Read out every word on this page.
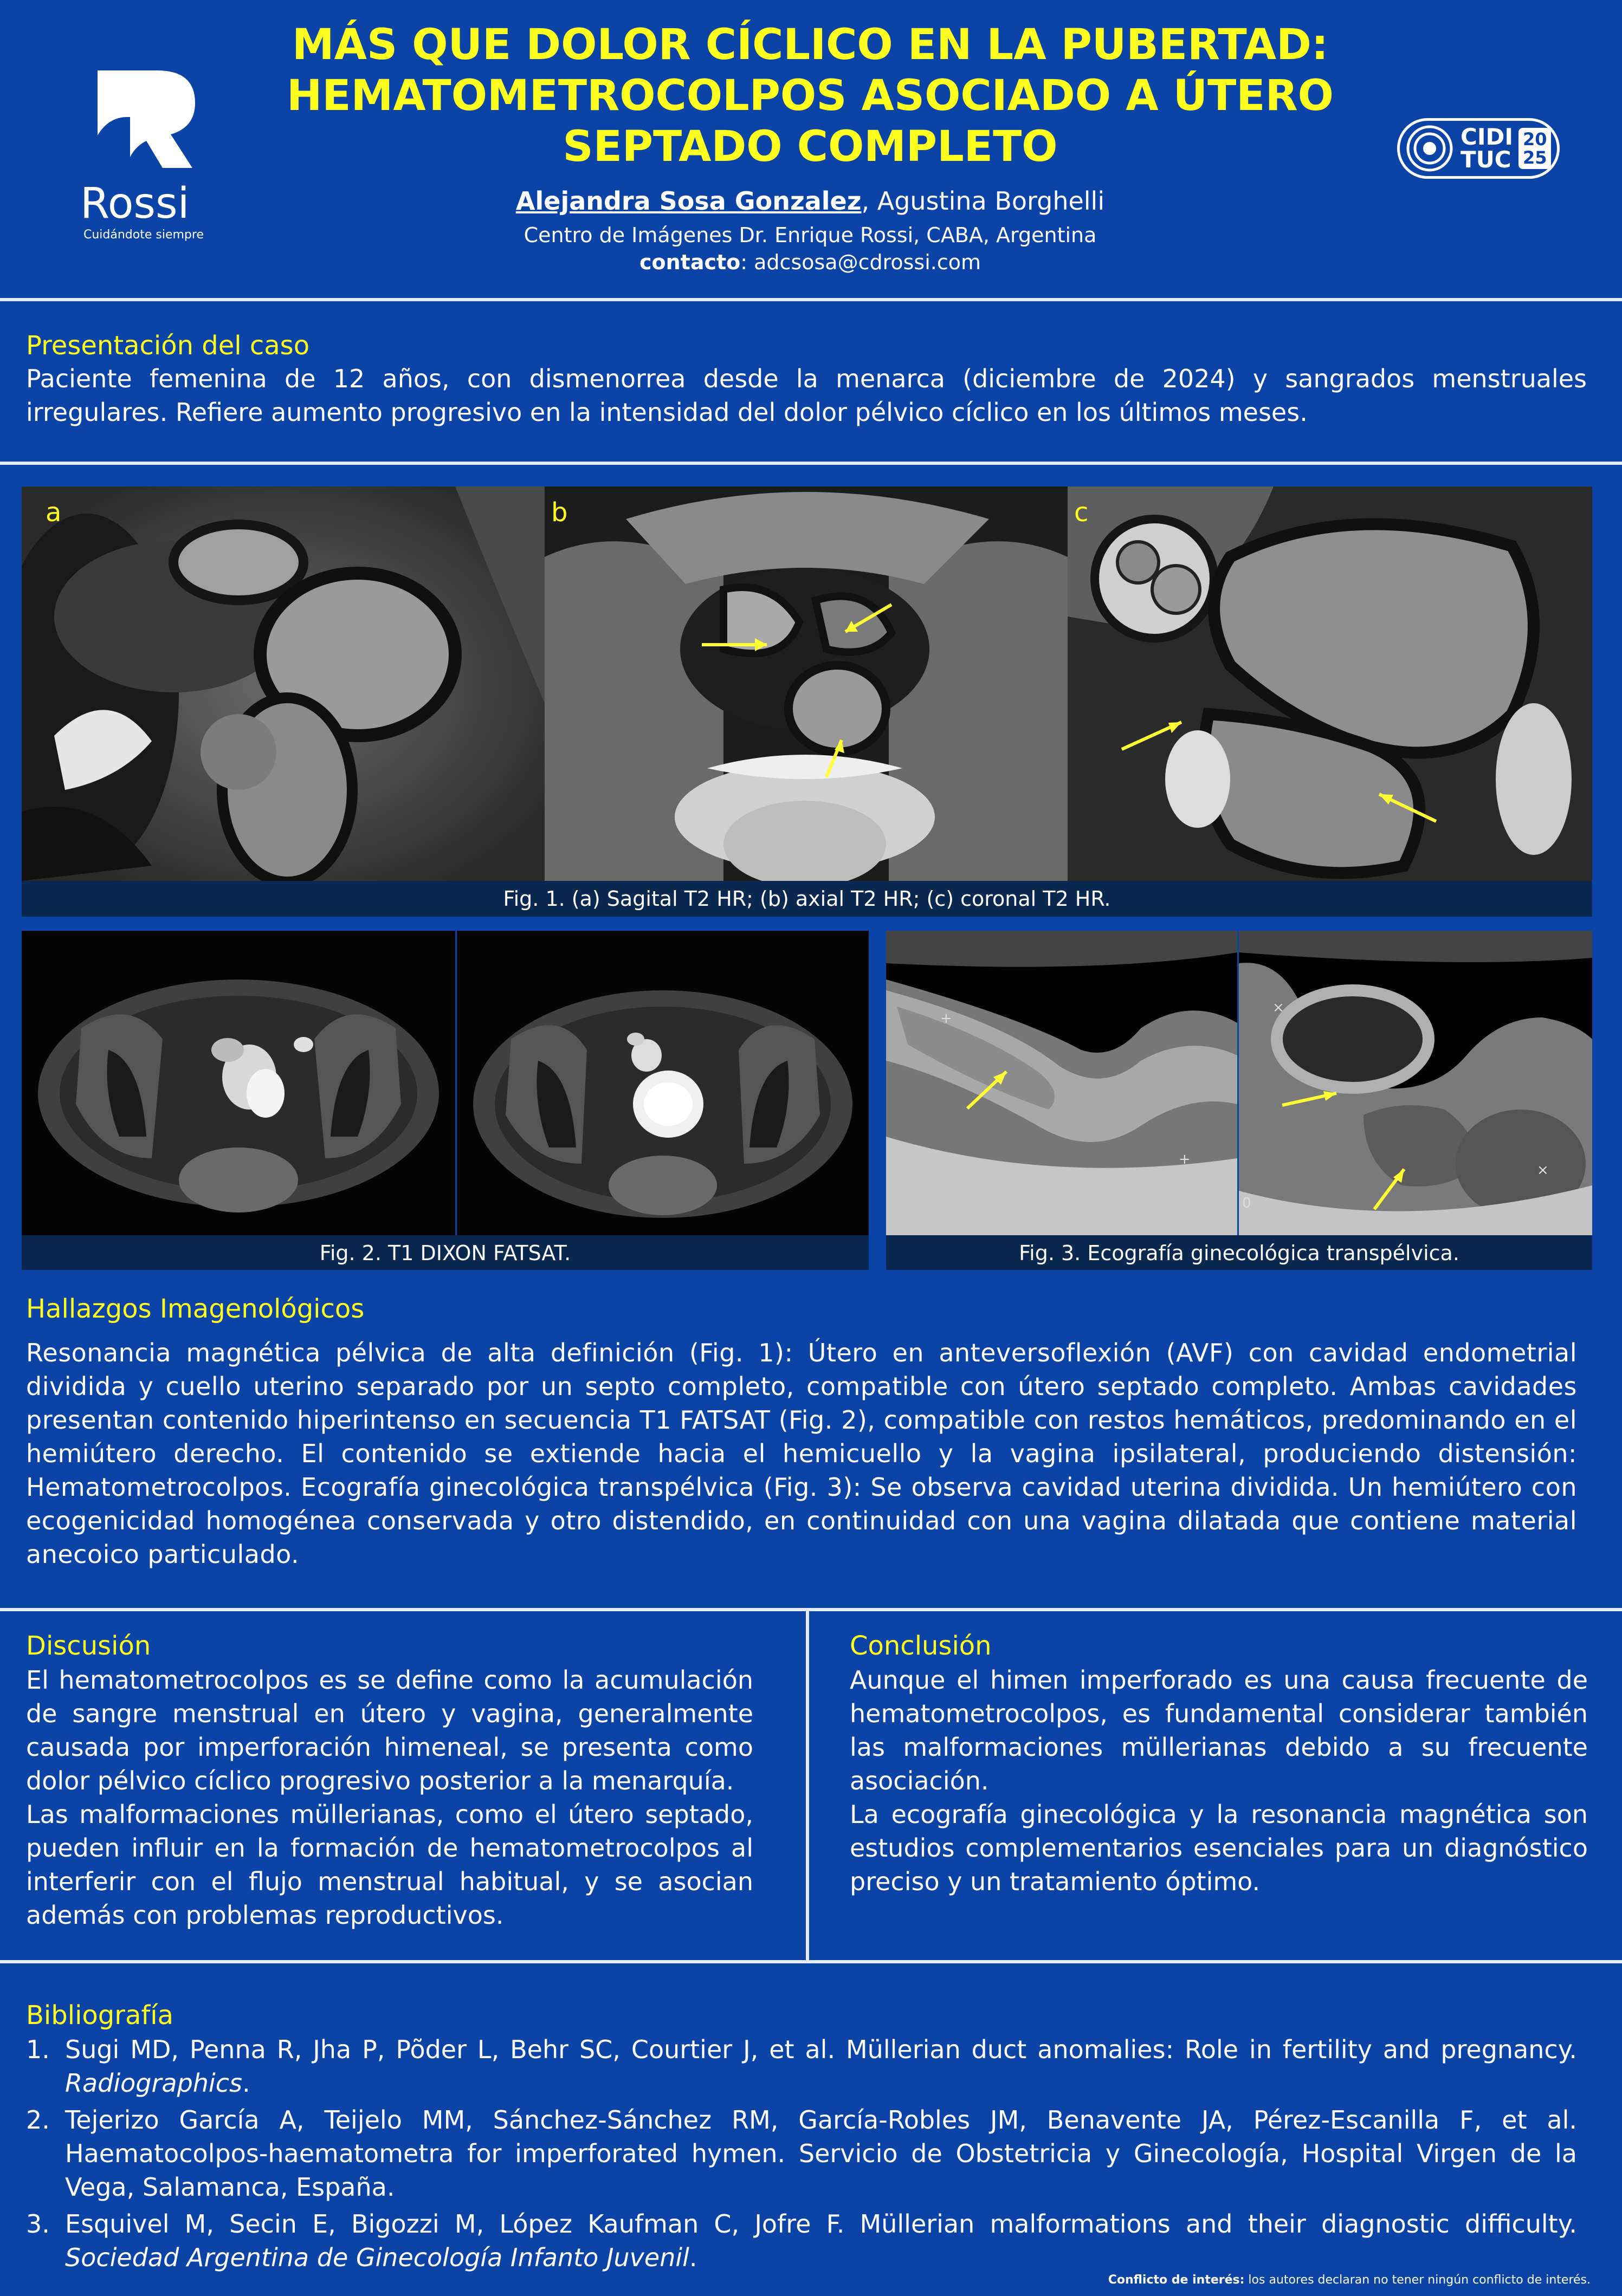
Rossi
Cuidándote siempre
MÁS QUE DOLOR CÍCLICO EN LA PUBERTAD:
HEMATOMETROCOLPOS ASOCIADO A ÚTERO
SEPTADO COMPLETO
Alejandra Sosa Gonzalez, Agustina Borghelli
Centro de Imágenes Dr. Enrique Rossi, CABA, Argentina
contacto: adcsosa@cdrossi.com
CIDI
TUC
20
25
Presentación del caso
Paciente femenina de 12 años, con dismenorrea desde la menarca (diciembre de 2024) y sangrados menstruales irregulares. Refiere aumento progresivo en la intensidad del dolor pélvico cíclico en los últimos meses.
a	b	c
Fig. 1. (a) Sagital T2 HR; (b) axial T2 HR; (c) coronal T2 HR.
Fig. 2. T1 DIXON FATSAT.
+
+
×
×
0
Fig. 3. Ecografía ginecológica transpélvica.
Hallazgos Imagenológicos
Resonancia magnética pélvica de alta definición (Fig. 1): Útero en anteversoflexión (AVF) con cavidad endometrial dividida y cuello uterino separado por un septo completo, compatible con útero septado completo. Ambas cavidades presentan contenido hiperintenso en secuencia T1 FATSAT (Fig. 2), compatible con restos hemáticos, predominando en el hemiútero derecho. El contenido se extiende hacia el hemicuello y la vagina ipsilateral, produciendo distensión: Hematometrocolpos. Ecografía ginecológica transpélvica (Fig. 3): Se observa cavidad uterina dividida. Un hemiútero con ecogenicidad homogénea conservada y otro distendido, en continuidad con una vagina dilatada que contiene material anecoico particulado.
Discusión
El hematometrocolpos es se define como la acumulación de sangre menstrual en útero y vagina, generalmente causada por imperforación himeneal, se presenta como dolor pélvico cíclico progresivo posterior a la menarquía.
Las malformaciones müllerianas, como el útero septado, pueden influir en la formación de hematometrocolpos al interferir con el flujo menstrual habitual, y se asocian además con problemas reproductivos.
Conclusión
Aunque el himen imperforado es una causa frecuente de hematometrocolpos, es fundamental considerar también las malformaciones müllerianas debido a su frecuente asociación.
La ecografía ginecológica y la resonancia magnética son estudios complementarios esenciales para un diagnóstico preciso y un tratamiento óptimo.
Bibliografía
1. Sugi MD, Penna R, Jha P, Põder L, Behr SC, Courtier J, et al. Müllerian duct anomalies: Role in fertility and pregnancy. Radiographics.
2. Tejerizo García A, Teijelo MM, Sánchez-Sánchez RM, García-Robles JM, Benavente JA, Pérez-Escanilla F, et al. Haematocolpos-haematometra for imperforated hymen. Servicio de Obstetricia y Ginecología, Hospital Virgen de la Vega, Salamanca, España.
3. Esquivel M, Secin E, Bigozzi M, López Kaufman C, Jofre F. Müllerian malformations and their diagnostic difficulty. Sociedad Argentina de Ginecología Infanto Juvenil.
Conflicto de interés: los autores declaran no tener ningún conflicto de interés.
